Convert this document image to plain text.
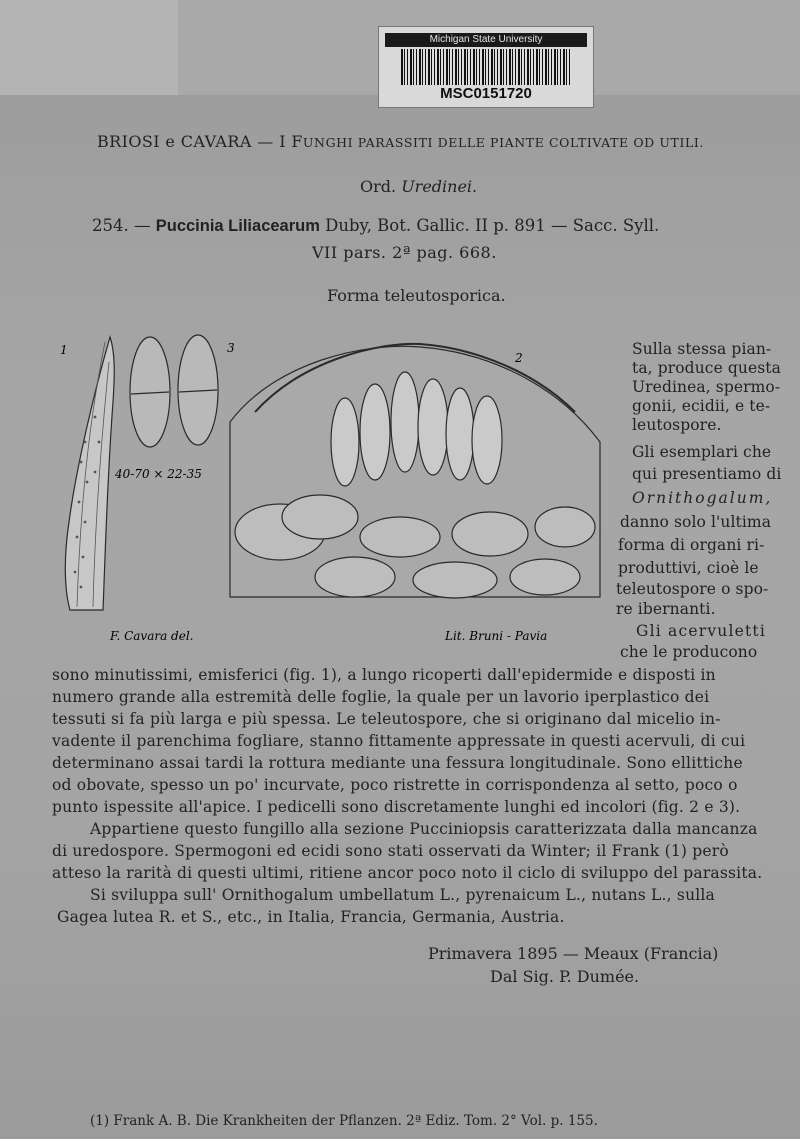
Michigan State University
MSC0151720
BRIOSI e CAVARA — I FUNGHI PARASSITI DELLE PIANTE COLTIVATE OD UTILI.
Ord. Uredinei.
254. — Puccinia Liliacearum Duby, Bot. Gallic. II p. 891 — Sacc. Syll.
VII pars. 2ª pag. 668.
Forma teleutosporica.
1	3
2
40-70 × 22-35
F. Cavara del.	Lit. Bruni - Pavia
Sulla stessa pian-
ta, produce questa
Uredinea, spermo-
gonii, ecidii, e te-
leutospore.
Gli esemplari che
qui presentiamo di
Ornithogalum,
danno solo l'ultima
forma di organi ri-
produttivi, cioè le
teleutospore o spo-
re ibernanti.
Gli acervuletti
che le producono
sono minutissimi, emisferici (fig. 1), a lungo ricoperti dall'epidermide e disposti in
numero grande alla estremità delle foglie, la quale per un lavorio iperplastico dei
tessuti si fa più larga e più spessa. Le teleutospore, che si originano dal micelio in-
vadente il parenchima fogliare, stanno fittamente appressate in questi acervuli, di cui
determinano assai tardi la rottura mediante una fessura longitudinale. Sono ellittiche
od obovate, spesso un po' incurvate, poco ristrette in corrispondenza al setto, poco o
punto ispessite all'apice. I pedicelli sono discretamente lunghi ed incolori (fig. 2 e 3).
Appartiene questo fungillo alla sezione Pucciniopsis caratterizzata dalla mancanza
di uredospore. Spermogoni ed ecidi sono stati osservati da Winter; il Frank (1) però
atteso la rarità di questi ultimi, ritiene ancor poco noto il ciclo di sviluppo del parassita.
Si sviluppa sull' Ornithogalum umbellatum L., pyrenaicum L., nutans L., sulla
Gagea lutea R. et S., etc., in Italia, Francia, Germania, Austria.
Primavera 1895 — Meaux (Francia)
Dal Sig. P. Dumée.
(1) Frank A. B. Die Krankheiten der Pflanzen. 2ª Ediz. Tom. 2° Vol. p. 155.
